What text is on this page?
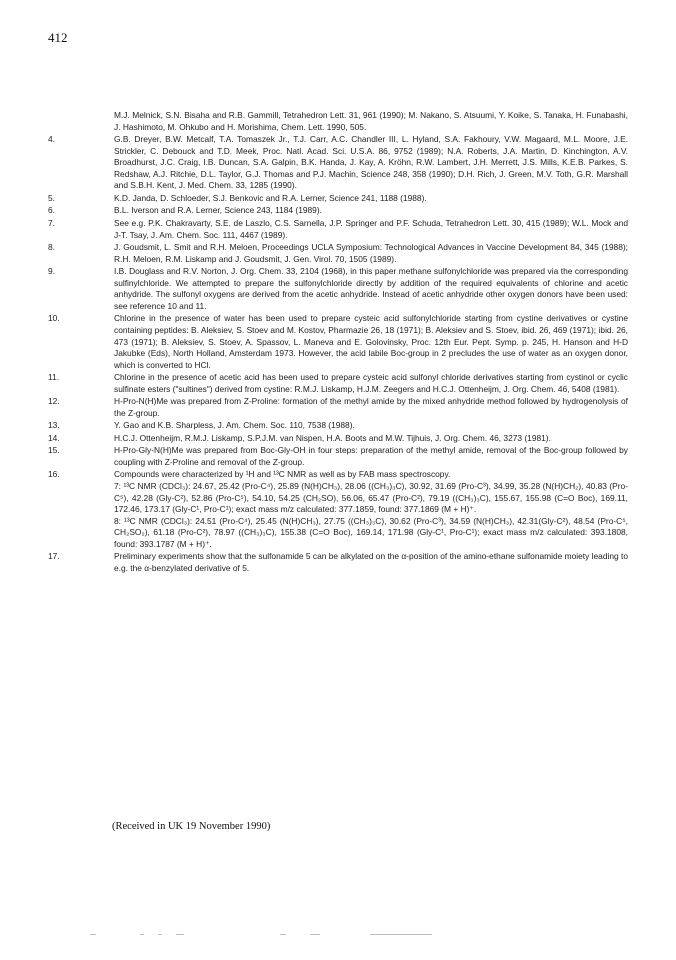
412
M.J. Melnick, S.N. Bisaha and R.B. Gammill, Tetrahedron Lett. 31, 961 (1990); M. Nakano, S. Atsuumi, Y. Koike, S. Tanaka, H. Funabashi, J. Hashimoto, M. Ohkubo and H. Morishima, Chem. Lett. 1990, 505.
4.	G.B. Dreyer, B.W. Metcalf, T.A. Tomaszek Jr., T.J. Carr, A.C. Chandler III, L. Hyland, S.A. Fakhoury, V.W. Magaard, M.L. Moore, J.E. Strickler, C. Debouck and T.D. Meek, Proc. Natl. Acad. Sci. U.S.A. 86, 9752 (1989); N.A. Roberts, J.A. Martin, D. Kinchington, A.V. Broadhurst, J.C. Craig, I.B. Duncan, S.A. Galpin, B.K. Handa, J. Kay, A. Kröhn, R.W. Lambert, J.H. Merrett, J.S. Mills, K.E.B. Parkes, S. Redshaw, A.J. Ritchie, D.L. Taylor, G.J. Thomas and P.J. Machin, Science 248, 358 (1990); D.H. Rich, J. Green, M.V. Toth, G.R. Marshall and S.B.H. Kent, J. Med. Chem. 33, 1285 (1990).
5.	K.D. Janda, D. Schloeder, S.J. Benkovic and R.A. Lerner, Science 241, 1188 (1988).
6.	B.L. Iverson and R.A. Lerner, Science 243, 1184 (1989).
7.	See e.g. P.K. Chakravarty, S.E. de Laszlo, C.S. Sarnella, J.P. Springer and P.F. Schuda, Tetrahedron Lett. 30, 415 (1989); W.L. Mock and J-T. Tsay, J. Am. Chem. Soc. 111, 4467 (1989).
8.	J. Goudsmit, L. Smit and R.H. Meloen, Proceedings UCLA Symposium: Technological Advances in Vaccine Development 84, 345 (1988); R.H. Meloen, R.M. Liskamp and J. Goudsmit, J. Gen. Virol. 70, 1505 (1989).
9.	I.B. Douglass and R.V. Norton, J. Org. Chem. 33, 2104 (1968), in this paper methane sulfonylchloride was prepared via the corresponding sulfinylchloride. We attempted to prepare the sulfonylchloride directly by addition of the required equivalents of chlorine and acetic anhydride. The sulfonyl oxygens are derived from the acetic anhydride. Instead of acetic anhydride other oxygen donors have been used: see reference 10 and 11.
10.	Chlorine in the presence of water has been used to prepare cysteic acid sulfonylchloride starting from cystine derivatives or cystine containing peptides: B. Aleksiev, S. Stoev and M. Kostov, Pharmazie 26, 18 (1971); B. Aleksiev and S. Stoev, ibid. 26, 469 (1971); ibid. 26, 473 (1971); B. Aleksiev, S. Stoev, A. Spassov, L. Maneva and E. Golovinsky, Proc. 12th Eur. Pept. Symp. p. 245, H. Hanson and H-D Jakubke (Eds), North Holland, Amsterdam 1973. However, the acid labile Boc-group in 2 precludes the use of water as an oxygen donor, which is converted to HCl.
11.	Chlorine in the presence of acetic acid has been used to prepare cysteic acid sulfonyl chloride derivatives starting from cystinol or cyclic sulfinate esters ("sultines") derived from cystine: R.M.J. Liskamp, H.J.M. Zeegers and H.C.J. Ottenheijm, J. Org. Chem. 46, 5408 (1981).
12.	H-Pro-N(H)Me was prepared from Z-Proline: formation of the methyl amide by the mixed anhydride method followed by hydrogenolysis of the Z-group.
13.	Y. Gao and K.B. Sharpless, J. Am. Chem. Soc. 110, 7538 (1988).
14.	H.C.J. Ottenheijm, R.M.J. Liskamp, S.P.J.M. van Nispen, H.A. Boots and M.W. Tijhuis, J. Org. Chem. 46, 3273 (1981).
15.	H-Pro-Gly-N(H)Me was prepared from Boc-Gly-OH in four steps: preparation of the methyl amide, removal of the Boc-group followed by coupling with Z-Proline and removal of the Z-group.
16.	Compounds were characterized by ¹H and ¹³C NMR as well as by FAB mass spectroscopy.
7: ¹³C NMR (CDCl₃): 24.67, 25.42 (Pro-C⁴), 25.89 (N(H)CH₃), 28.06 ((CH₃)₃C), 30.92, 31.69 (Pro-C³), 34.99, 35.28 (N(H)CH₂), 40.83 (Pro-C⁵), 42.28 (Gly-C²), 52.86 (Pro-C⁵), 54.10, 54.25 (CH₂SO), 56.06, 65.47 (Pro-C²), 79.19 ((CH₃)₃C), 155.67, 155.98 (C=O Boc), 169.11, 172.46, 173.17 (Gly-C¹, Pro-C¹); exact mass m/z calculated: 377.1859, found: 377.1869 (M + H)⁺.
8: ¹³C NMR (CDCl₃): 24.51 (Pro-C⁴), 25.45 (N(H)CH₃), 27.75 ((CH₃)₃C), 30.62 (Pro-C³), 34.59 (N(H)CH₃), 42.31(Gly-C²), 48.54 (Pro-C⁵, CH₂SO₂), 61.18 (Pro-C²), 78.97 ((CH₃)₃C), 155.38 (C=O Boc), 169.14, 171.98 (Gly-C¹, Pro-C¹); exact mass m/z calculated: 393.1808, found: 393.1787 (M + H)⁺.
17.	Preliminary experiments show that the sulfonamide 5 can be alkylated on the α-position of the amino-ethane sulfonamide moiety leading to e.g. the α-benzylated derivative of 5.
(Received in UK 19 November 1990)
